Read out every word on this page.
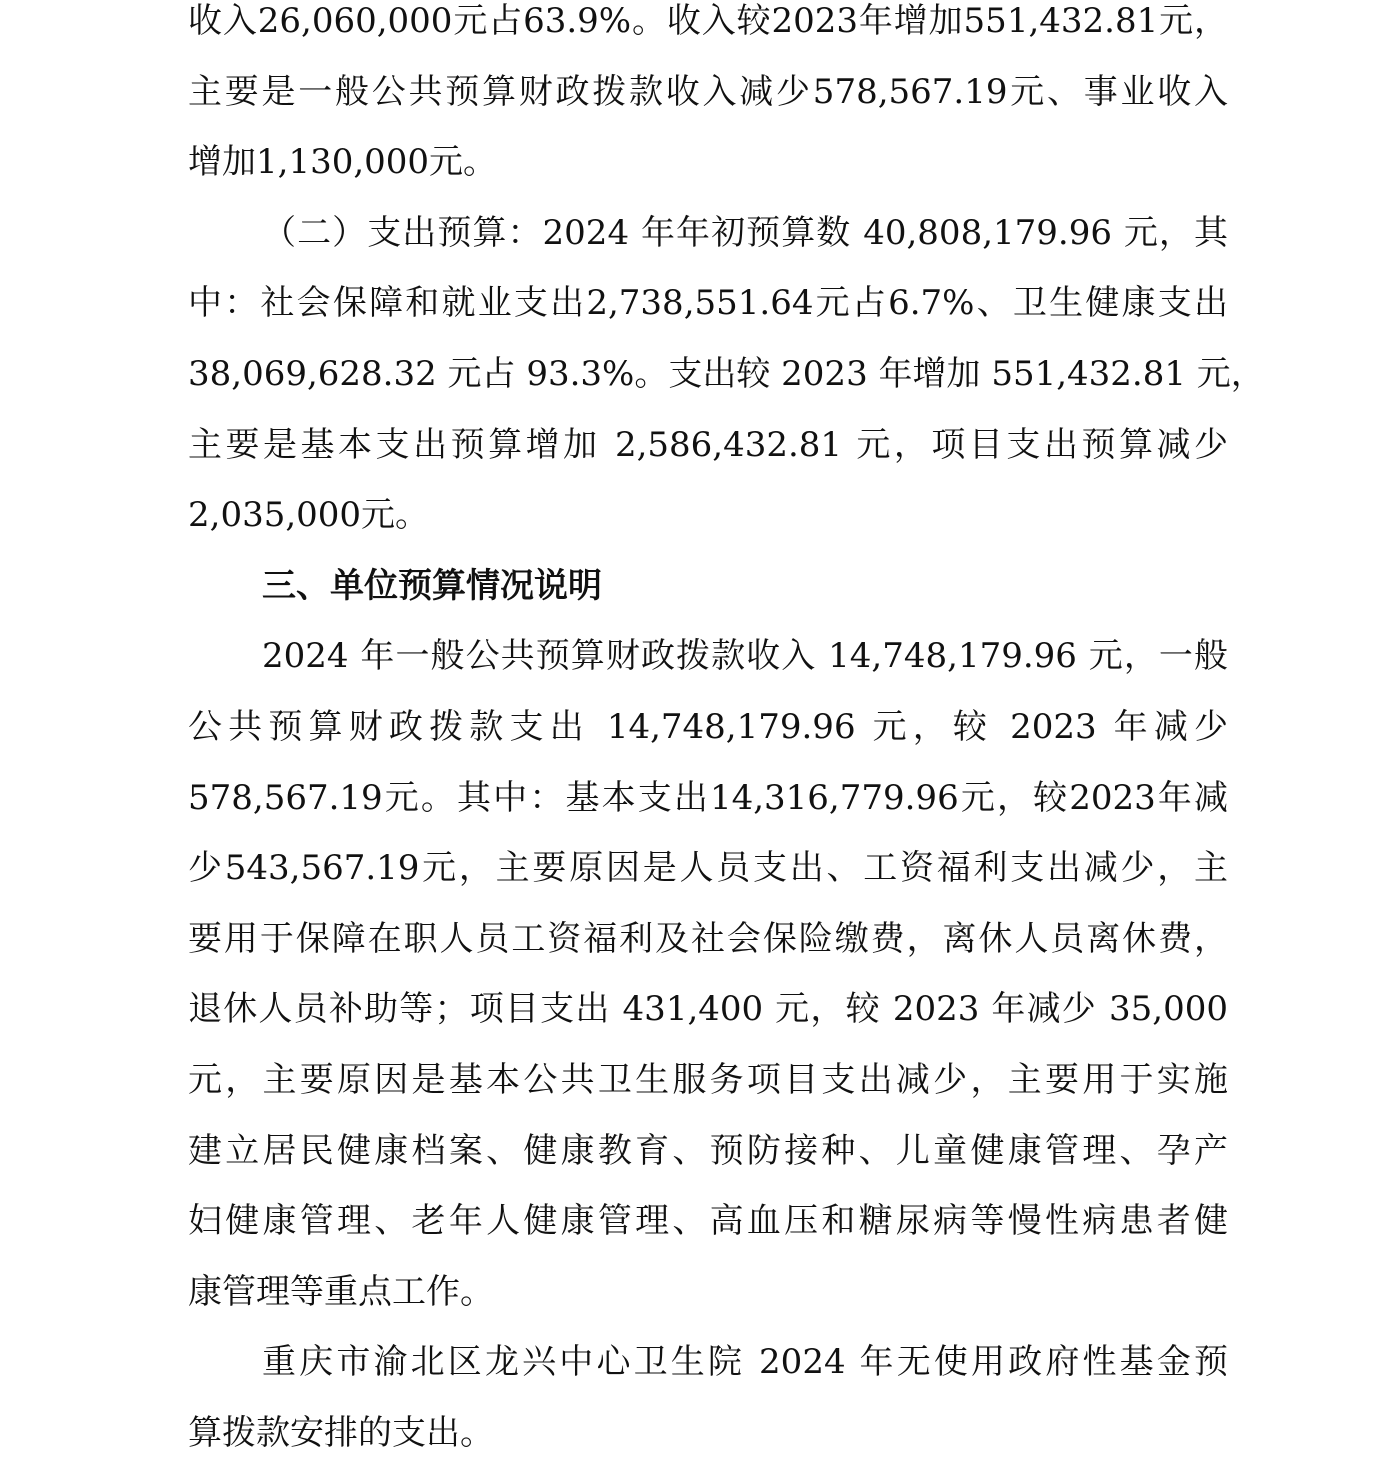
收入26,060,000元占63.9%。收入较2023年增加551,432.81元，
主要是一般公共预算财政拨款收入减少578,567.19元、事业收入
增加1,130,000元。
（二）支出预算：2024 年年初预算数 40,808,179.96 元，其
中：社会保障和就业支出2,738,551.64元占6.7%、卫生健康支出
38,069,628.32 元占 93.3%。支出较 2023 年增加 551,432.81 元，
主要是基本支出预算增加 2,586,432.81 元，项目支出预算减少
2,035,000元。
三、单位预算情况说明
2024 年一般公共预算财政拨款收入 14,748,179.96 元，一般
公共预算财政拨款支出 14,748,179.96 元，较 2023 年减少
578,567.19元。其中：基本支出14,316,779.96元，较2023年减
少543,567.19元，主要原因是人员支出、工资福利支出减少，主
要用于保障在职人员工资福利及社会保险缴费，离休人员离休费，
退休人员补助等；项目支出 431,400 元，较 2023 年减少 35,000
元，主要原因是基本公共卫生服务项目支出减少，主要用于实施
建立居民健康档案、健康教育、预防接种、儿童健康管理、孕产
妇健康管理、老年人健康管理、高血压和糖尿病等慢性病患者健
康管理等重点工作。
重庆市渝北区龙兴中心卫生院 2024 年无使用政府性基金预
算拨款安排的支出。
